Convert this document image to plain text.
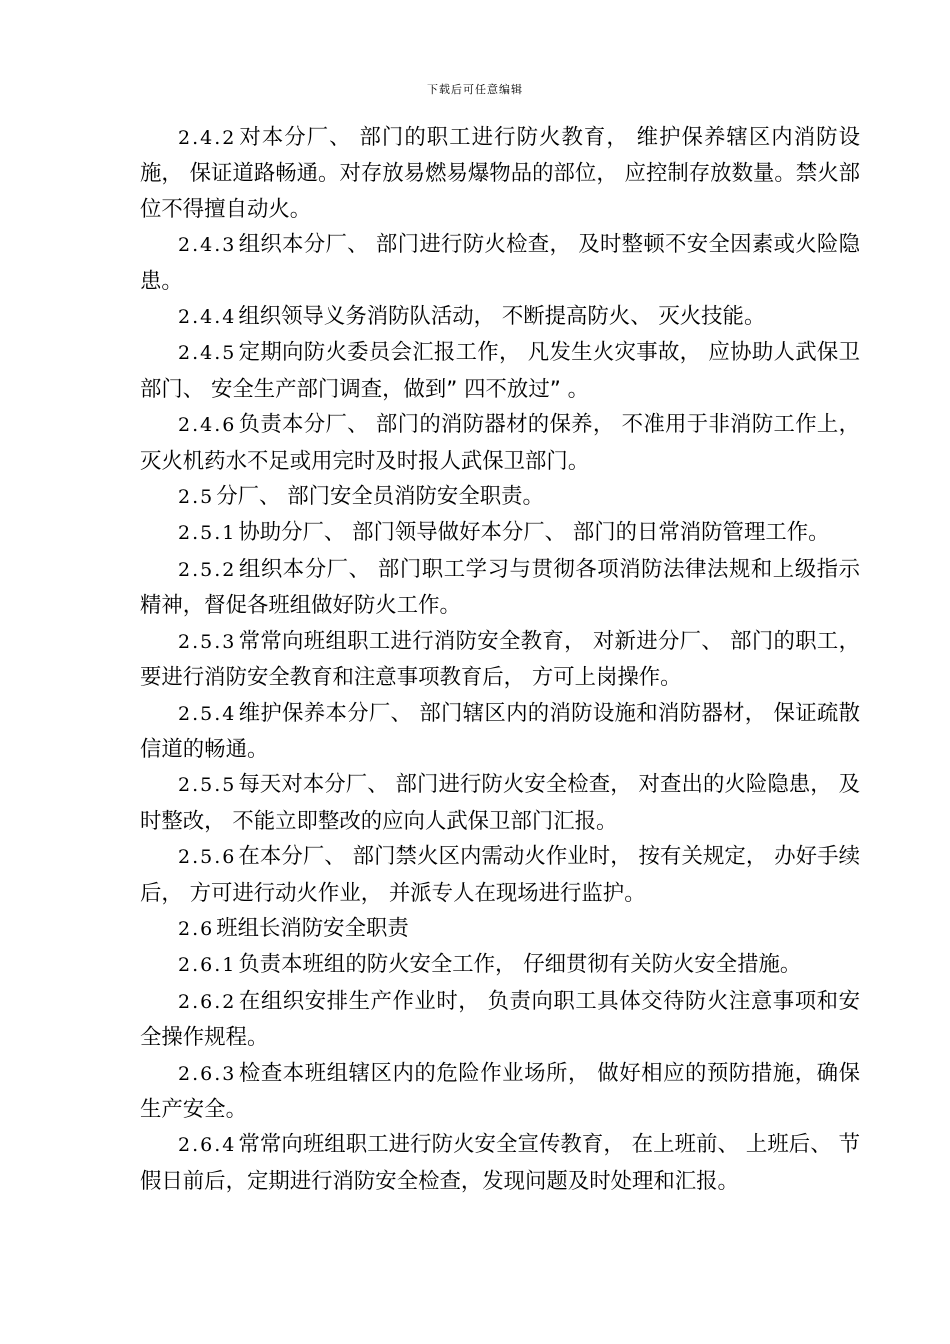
下载后可任意编辑

2.4.2对本分厂、 部门的职工进行防火教育， 维护保养辖区内消防设施， 保证道路畅通。对存放易燃易爆物品的部位， 应控制存放数量。禁火部位不得擅自动火。

2.4.3组织本分厂、 部门进行防火检查， 及时整顿不安全因素或火险隐患。

2.4.4组织领导义务消防队活动， 不断提高防火、 灭火技能。

2.4.5定期向防火委员会汇报工作， 凡发生火灾事故， 应协助人武保卫部门、 安全生产部门调查，做到” 四不放过” 。

2.4.6负责本分厂、 部门的消防器材的保养， 不准用于非消防工作上，灭火机药水不足或用完时及时报人武保卫部门。

2.5分厂、 部门安全员消防安全职责。

2.5.1协助分厂、 部门领导做好本分厂、 部门的日常消防管理工作。

2.5.2组织本分厂、 部门职工学习与贯彻各项消防法律法规和上级指示精神，督促各班组做好防火工作。

2.5.3常常向班组职工进行消防安全教育， 对新进分厂、 部门的职工， 要进行消防安全教育和注意事项教育后， 方可上岗操作。

2.5.4维护保养本分厂、 部门辖区内的消防设施和消防器材， 保证疏散信道的畅通。

2.5.5每天对本分厂、 部门进行防火安全检查， 对查出的火险隐患， 及时整改， 不能立即整改的应向人武保卫部门汇报。

2.5.6在本分厂、 部门禁火区内需动火作业时， 按有关规定， 办好手续后， 方可进行动火作业， 并派专人在现场进行监护。

2.6班组长消防安全职责

2.6.1负责本班组的防火安全工作， 仔细贯彻有关防火安全措施。

2.6.2在组织安排生产作业时， 负责向职工具体交待防火注意事项和安全操作规程。

2.6.3检查本班组辖区内的危险作业场所， 做好相应的预防措施，确保生产安全。

2.6.4常常向班组职工进行防火安全宣传教育， 在上班前、 上班后、 节假日前后，定期进行消防安全检查，发现问题及时处理和汇报。
